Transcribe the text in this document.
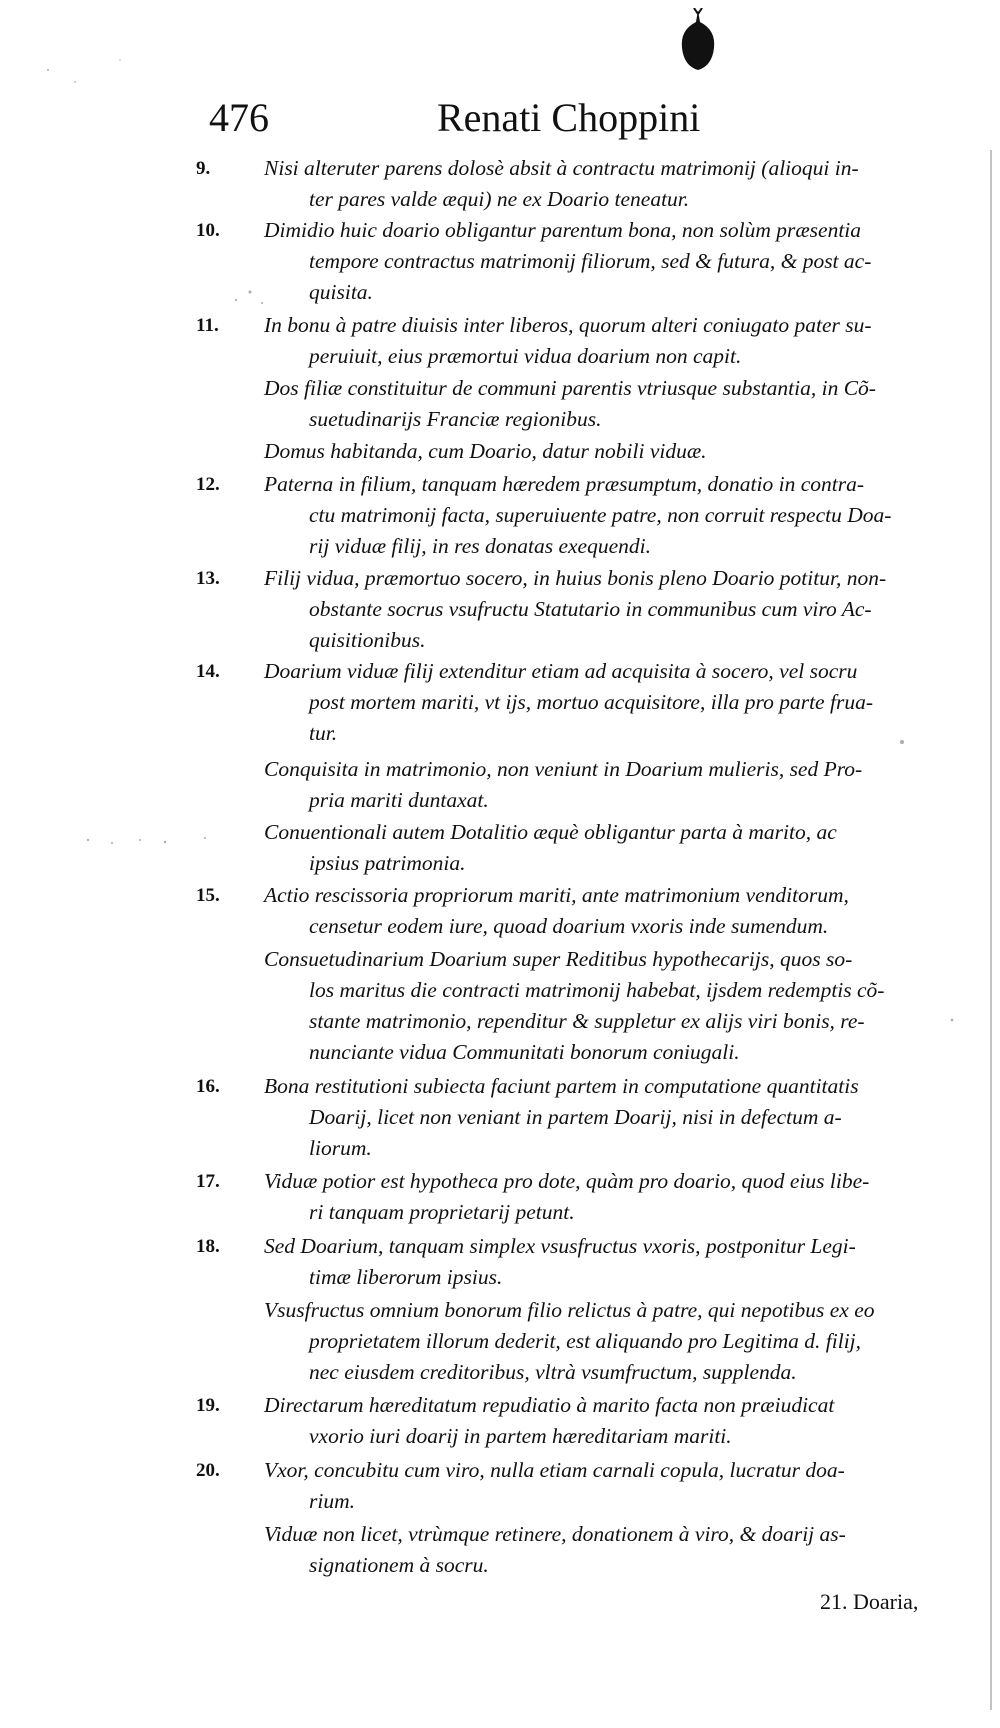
476	Renati Choppini
9.	Nisi alteruter parens dolosè absit à contractu matrimonij (alioqui in-
ter pares valde æqui) ne ex Doario teneatur.
10.	Dimidio huic doario obligantur parentum bona, non solùm præsentia
tempore contractus matrimonij filiorum, sed & futura, & post ac-
quisita.
11.	In bonu à patre diuisis inter liberos, quorum alteri coniugato pater su-
peruiuit, eius præmortui vidua doarium non capit.
Dos filiæ constituitur de communi parentis vtriusque substantia, in Cõ-
suetudinarijs Franciæ regionibus.
Domus habitanda, cum Doario, datur nobili viduæ.
12.	Paterna in filium, tanquam hæredem præsumptum, donatio in contra-
ctu matrimonij facta, superuiuente patre, non corruit respectu Doa-
rij viduæ filij, in res donatas exequendi.
13.	Filij vidua, præmortuo socero, in huius bonis pleno Doario potitur, non-
obstante socrus vsufructu Statutario in communibus cum viro Ac-
quisitionibus.
14.	Doarium viduæ filij extenditur etiam ad acquisita à socero, vel socru
post mortem mariti, vt ijs, mortuo acquisitore, illa pro parte frua-
tur.
Conquisita in matrimonio, non veniunt in Doarium mulieris, sed Pro-
pria mariti duntaxat.
Conuentionali autem Dotalitio æquè obligantur parta à marito, ac
ipsius patrimonia.
15.	Actio rescissoria propriorum mariti, ante matrimonium venditorum,
censetur eodem iure, quoad doarium vxoris inde sumendum.
Consuetudinarium Doarium super Reditibus hypothecarijs, quos so-
los maritus die contracti matrimonij habebat, ijsdem redemptis cõ-
stante matrimonio, rependitur & suppletur ex alijs viri bonis, re-
nunciante vidua Communitati bonorum coniugali.
16.	Bona restitutioni subiecta faciunt partem in computatione quantitatis
Doarij, licet non veniant in partem Doarij, nisi in defectum a-
liorum.
17.	Viduæ potior est hypotheca pro dote, quàm pro doario, quod eius libe-
ri tanquam proprietarij petunt.
18.	Sed Doarium, tanquam simplex vsusfructus vxoris, postponitur Legi-
timæ liberorum ipsius.
Vsusfructus omnium bonorum filio relictus à patre, qui nepotibus ex eo
proprietatem illorum dederit, est aliquando pro Legitima d. filij,
nec eiusdem creditoribus, vltrà vsumfructum, supplenda.
19.	Directarum hæreditatum repudiatio à marito facta non præiudicat
vxorio iuri doarij in partem hæreditariam mariti.
20.	Vxor, concubitu cum viro, nulla etiam carnali copula, lucratur doa-
rium.
Viduæ non licet, vtrùmque retinere, donationem à viro, & doarij as-
signationem à socru.
21. Doaria,
